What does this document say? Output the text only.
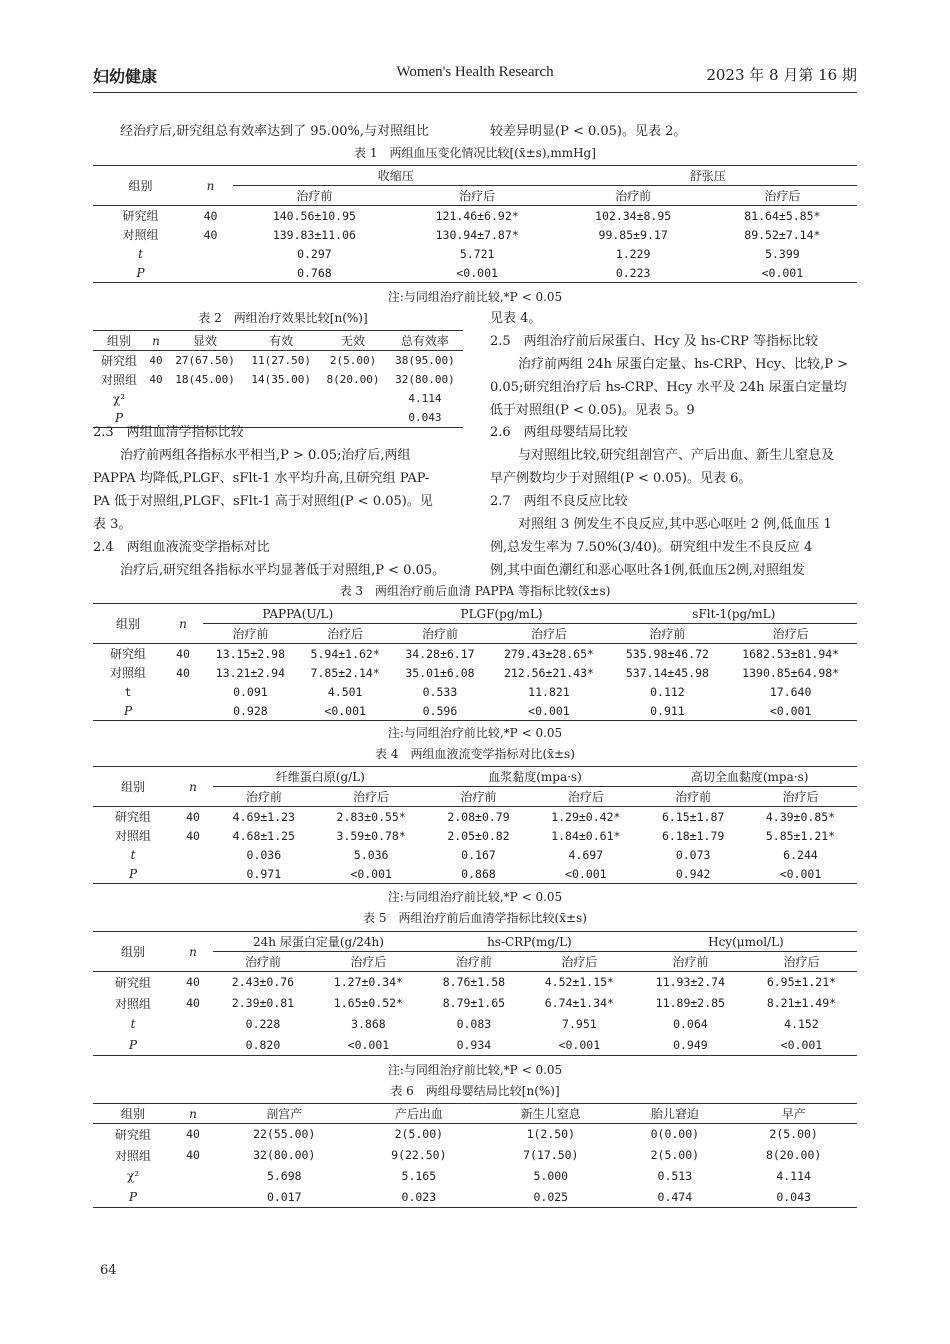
妇幼健康	Women's Health Research	2023 年 8 月第 16 期

经治疗后,研究组总有效率达到了 95.00%,与对照组比	较差异明显(P < 0.05)。见表 2。

表 1　两组血压变化情况比较[(x̄±s),mmHg]
组别	n	收缩压		舒张压	
		治疗前	治疗后	治疗前	治疗后
研究组	40	140.56±10.95	121.46±6.92*	102.34±8.95	81.64±5.85*
对照组	40	139.83±11.06	130.94±7.87*	99.85±9.17	89.52±7.14*
t		0.297	5.721	1.229	5.399
P		0.768	<0.001	0.223	<0.001
注:与同组治疗前比较,*P < 0.05
表 2　两组治疗效果比较[n(%)]
组别	n	显效	有效	无效	总有效率
研究组	40	27(67.50)	11(27.50)	2(5.00)	38(95.00)
对照组	40	18(45.00)	14(35.00)	8(20.00)	32(80.00)
χ²					4.114
P					0.043

2.3　两组血清学指标比较

治疗前两组各指标水平相当,P > 0.05;治疗后,两组

PAPPA 均降低,PLGF、sFlt-1 水平均升高,且研究组 PAP-

PA 低于对照组,PLGF、sFlt-1 高于对照组(P < 0.05)。见

表 3。

2.4　两组血液流变学指标对比

治疗后,研究组各指标水平均显著低于对照组,P < 0.05。

见表 4。

2.5　两组治疗前后尿蛋白、Hcy 及 hs-CRP 等指标比较

治疗前两组 24h 尿蛋白定量、hs-CRP、Hcy、比较,P >

0.05;研究组治疗后 hs-CRP、Hcy 水平及 24h 尿蛋白定量均

低于对照组(P < 0.05)。见表 5。9

2.6　两组母婴结局比较

与对照组比较,研究组剖宫产、产后出血、新生儿窒息及

早产例数均少于对照组(P < 0.05)。见表 6。

2.7　两组不良反应比较

对照组 3 例发生不良反应,其中恶心呕吐 2 例,低血压 1

例,总发生率为 7.50%(3/40)。研究组中发生不良反应 4

例,其中面色潮红和恶心呕吐各1例,低血压2例,对照组发

表 3　两组治疗前后血清 PAPPA 等指标比较(x̄±s)
组别	n	PAPPA(U/L)		PLGF(pg/mL)		sFlt-1(pg/mL)	
		治疗前	治疗后	治疗前	治疗后	治疗前	治疗后
研究组	40	13.15±2.98	5.94±1.62*	34.28±6.17	279.43±28.65*	535.98±46.72	1682.53±81.94*
对照组	40	13.21±2.94	7.85±2.14*	35.01±6.08	212.56±21.43*	537.14±45.98	1390.85±64.98*
t		0.091	4.501	0.533	11.821	0.112	17.640
P		0.928	<0.001	0.596	<0.001	0.911	<0.001
注:与同组治疗前比较,*P < 0.05
表 4　两组血液流变学指标对比(x̄±s)
组别	n	纤维蛋白原(g/L)		血浆黏度(mpa·s)		高切全血黏度(mpa·s)	
		治疗前	治疗后	治疗前	治疗后	治疗前	治疗后
研究组	40	4.69±1.23	2.83±0.55*	2.08±0.79	1.29±0.42*	6.15±1.87	4.39±0.85*
对照组	40	4.68±1.25	3.59±0.78*	2.05±0.82	1.84±0.61*	6.18±1.79	5.85±1.21*
t		0.036	5.036	0.167	4.697	0.073	6.244
P		0.971	<0.001	0.868	<0.001	0.942	<0.001
注:与同组治疗前比较,*P < 0.05
表 5　两组治疗前后血清学指标比较(x̄±s)
组别	n	24h 尿蛋白定量(g/24h)		hs-CRP(mg/L)		Hcy(μmol/L)	
		治疗前	治疗后	治疗前	治疗后	治疗前	治疗后
研究组	40	2.43±0.76	1.27±0.34*	8.76±1.58	4.52±1.15*	11.93±2.74	6.95±1.21*
对照组	40	2.39±0.81	1.65±0.52*	8.79±1.65	6.74±1.34*	11.89±2.85	8.21±1.49*
t		0.228	3.868	0.083	7.951	0.064	4.152
P		0.820	<0.001	0.934	<0.001	0.949	<0.001
注:与同组治疗前比较,*P < 0.05
表 6　两组母婴结局比较[n(%)]
组别	n	剖宫产	产后出血	新生儿窒息	胎儿窘迫	早产
研究组	40	22(55.00)	2(5.00)	1(2.50)	0(0.00)	2(5.00)
对照组	40	32(80.00)	9(22.50)	7(17.50)	2(5.00)	8(20.00)
χ²		5.698	5.165	5.000	0.513	4.114
P		0.017	0.023	0.025	0.474	0.043
64
